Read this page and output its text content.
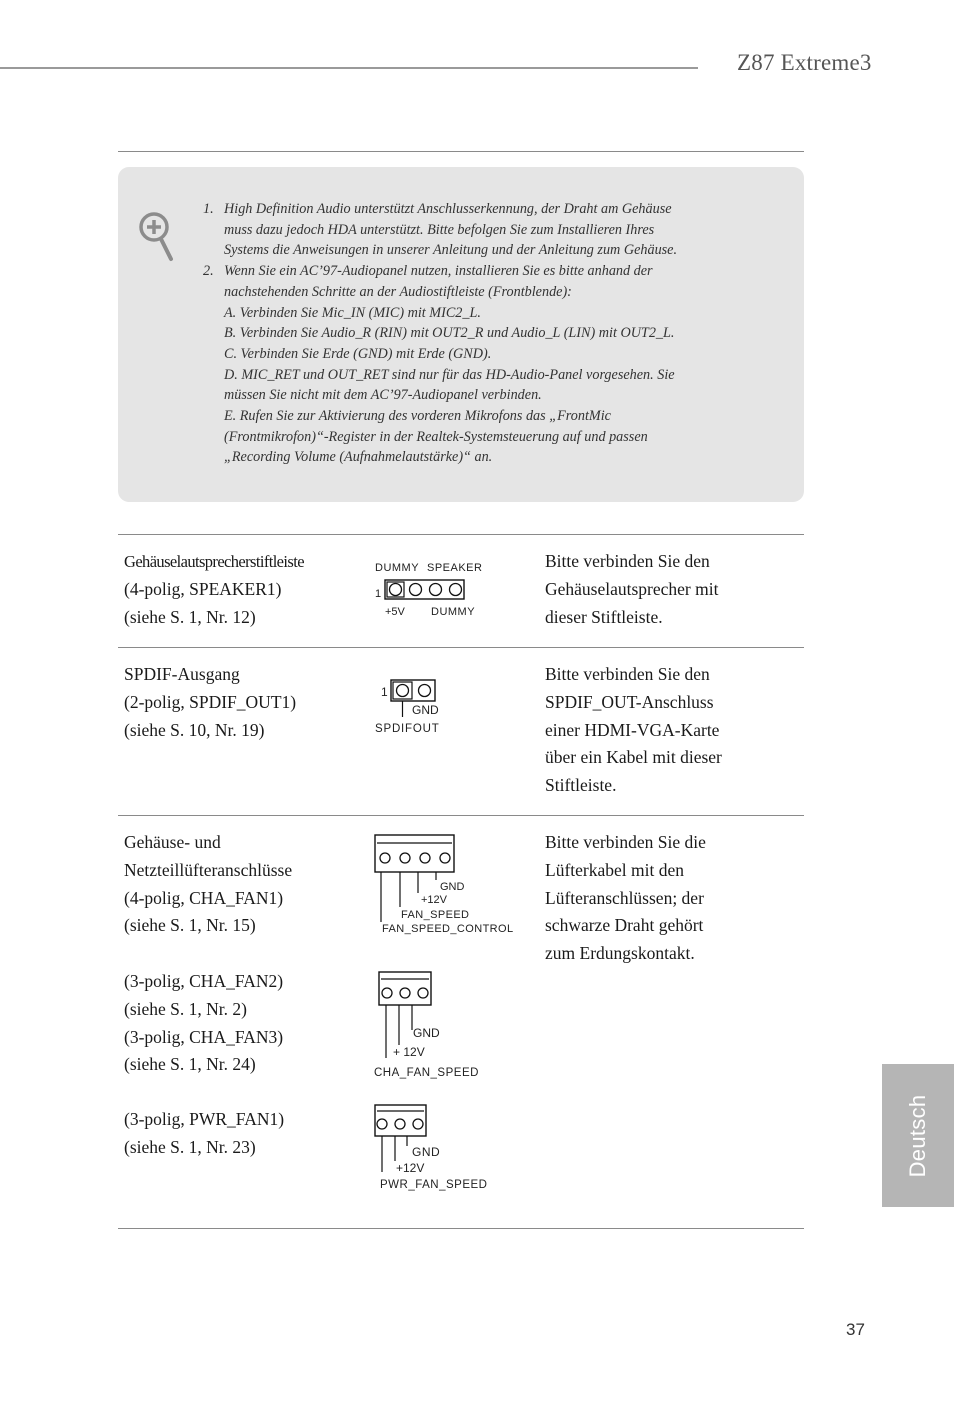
Z87 Extreme3
1. High Definition Audio unterstützt Anschlusserkennung, der Draht am Gehäuse
muss dazu jedoch HDA unterstützt. Bitte befolgen Sie zum Installieren Ihres
Systems die Anweisungen in unserer Anleitung und der Anleitung zum Gehäuse.
2. Wenn Sie ein AC’97-Audiopanel nutzen, installieren Sie es bitte anhand der
nachstehenden Schritte an der Audiostiftleiste (Frontblende):
A. Verbinden Sie Mic_IN (MIC) mit MIC2_L.
B. Verbinden Sie Audio_R (RIN) mit OUT2_R und Audio_L (LIN) mit OUT2_L.
C. Verbinden Sie Erde (GND) mit Erde (GND).
D. MIC_RET und OUT_RET sind nur für das HD-Audio-Panel vorgesehen. Sie
müssen Sie nicht mit dem AC’97-Audiopanel verbinden.
E. Rufen Sie zur Aktivierung des vorderen Mikrofons das „FrontMic
(Frontmikrofon)“-Register in der Realtek-Systemsteuerung auf und passen
„Recording Volume (Aufnahmelautstärke)“ an.
Gehäuselautsprecherstiftleiste
(4-polig, SPEAKER1)
(siehe S. 1, Nr. 12)
DUMMY SPEAKER
1
+5V DUMMY
Bitte verbinden Sie den
Gehäuselautsprecher mit
dieser Stiftleiste.
SPDIF-Ausgang
(2-polig, SPDIF_OUT1)
(siehe S. 10, Nr. 19)
1
GND
SPDIFOUT
Bitte verbinden Sie den
SPDIF_OUT-Anschluss
einer HDMI-VGA-Karte
über ein Kabel mit dieser
Stiftleiste.
Gehäuse- und
Netzteillüfteranschlüsse
(4-polig, CHA_FAN1)
(siehe S. 1, Nr. 15)
(3-polig, CHA_FAN2)
(siehe S. 1, Nr. 2)
(3-polig, CHA_FAN3)
(siehe S. 1, Nr. 24)
(3-polig, PWR_FAN1)
(siehe S. 1, Nr. 23)
GND
+12V
FAN_SPEED
FAN_SPEED_CONTROL
GND
+ 12V
CHA_FAN_SPEED
GND
+12V
PWR_FAN_SPEED
Bitte verbinden Sie die
Lüfterkabel mit den
Lüfteranschlüssen; der
schwarze Draht gehört
zum Erdungskontakt.
Deutsch
37
